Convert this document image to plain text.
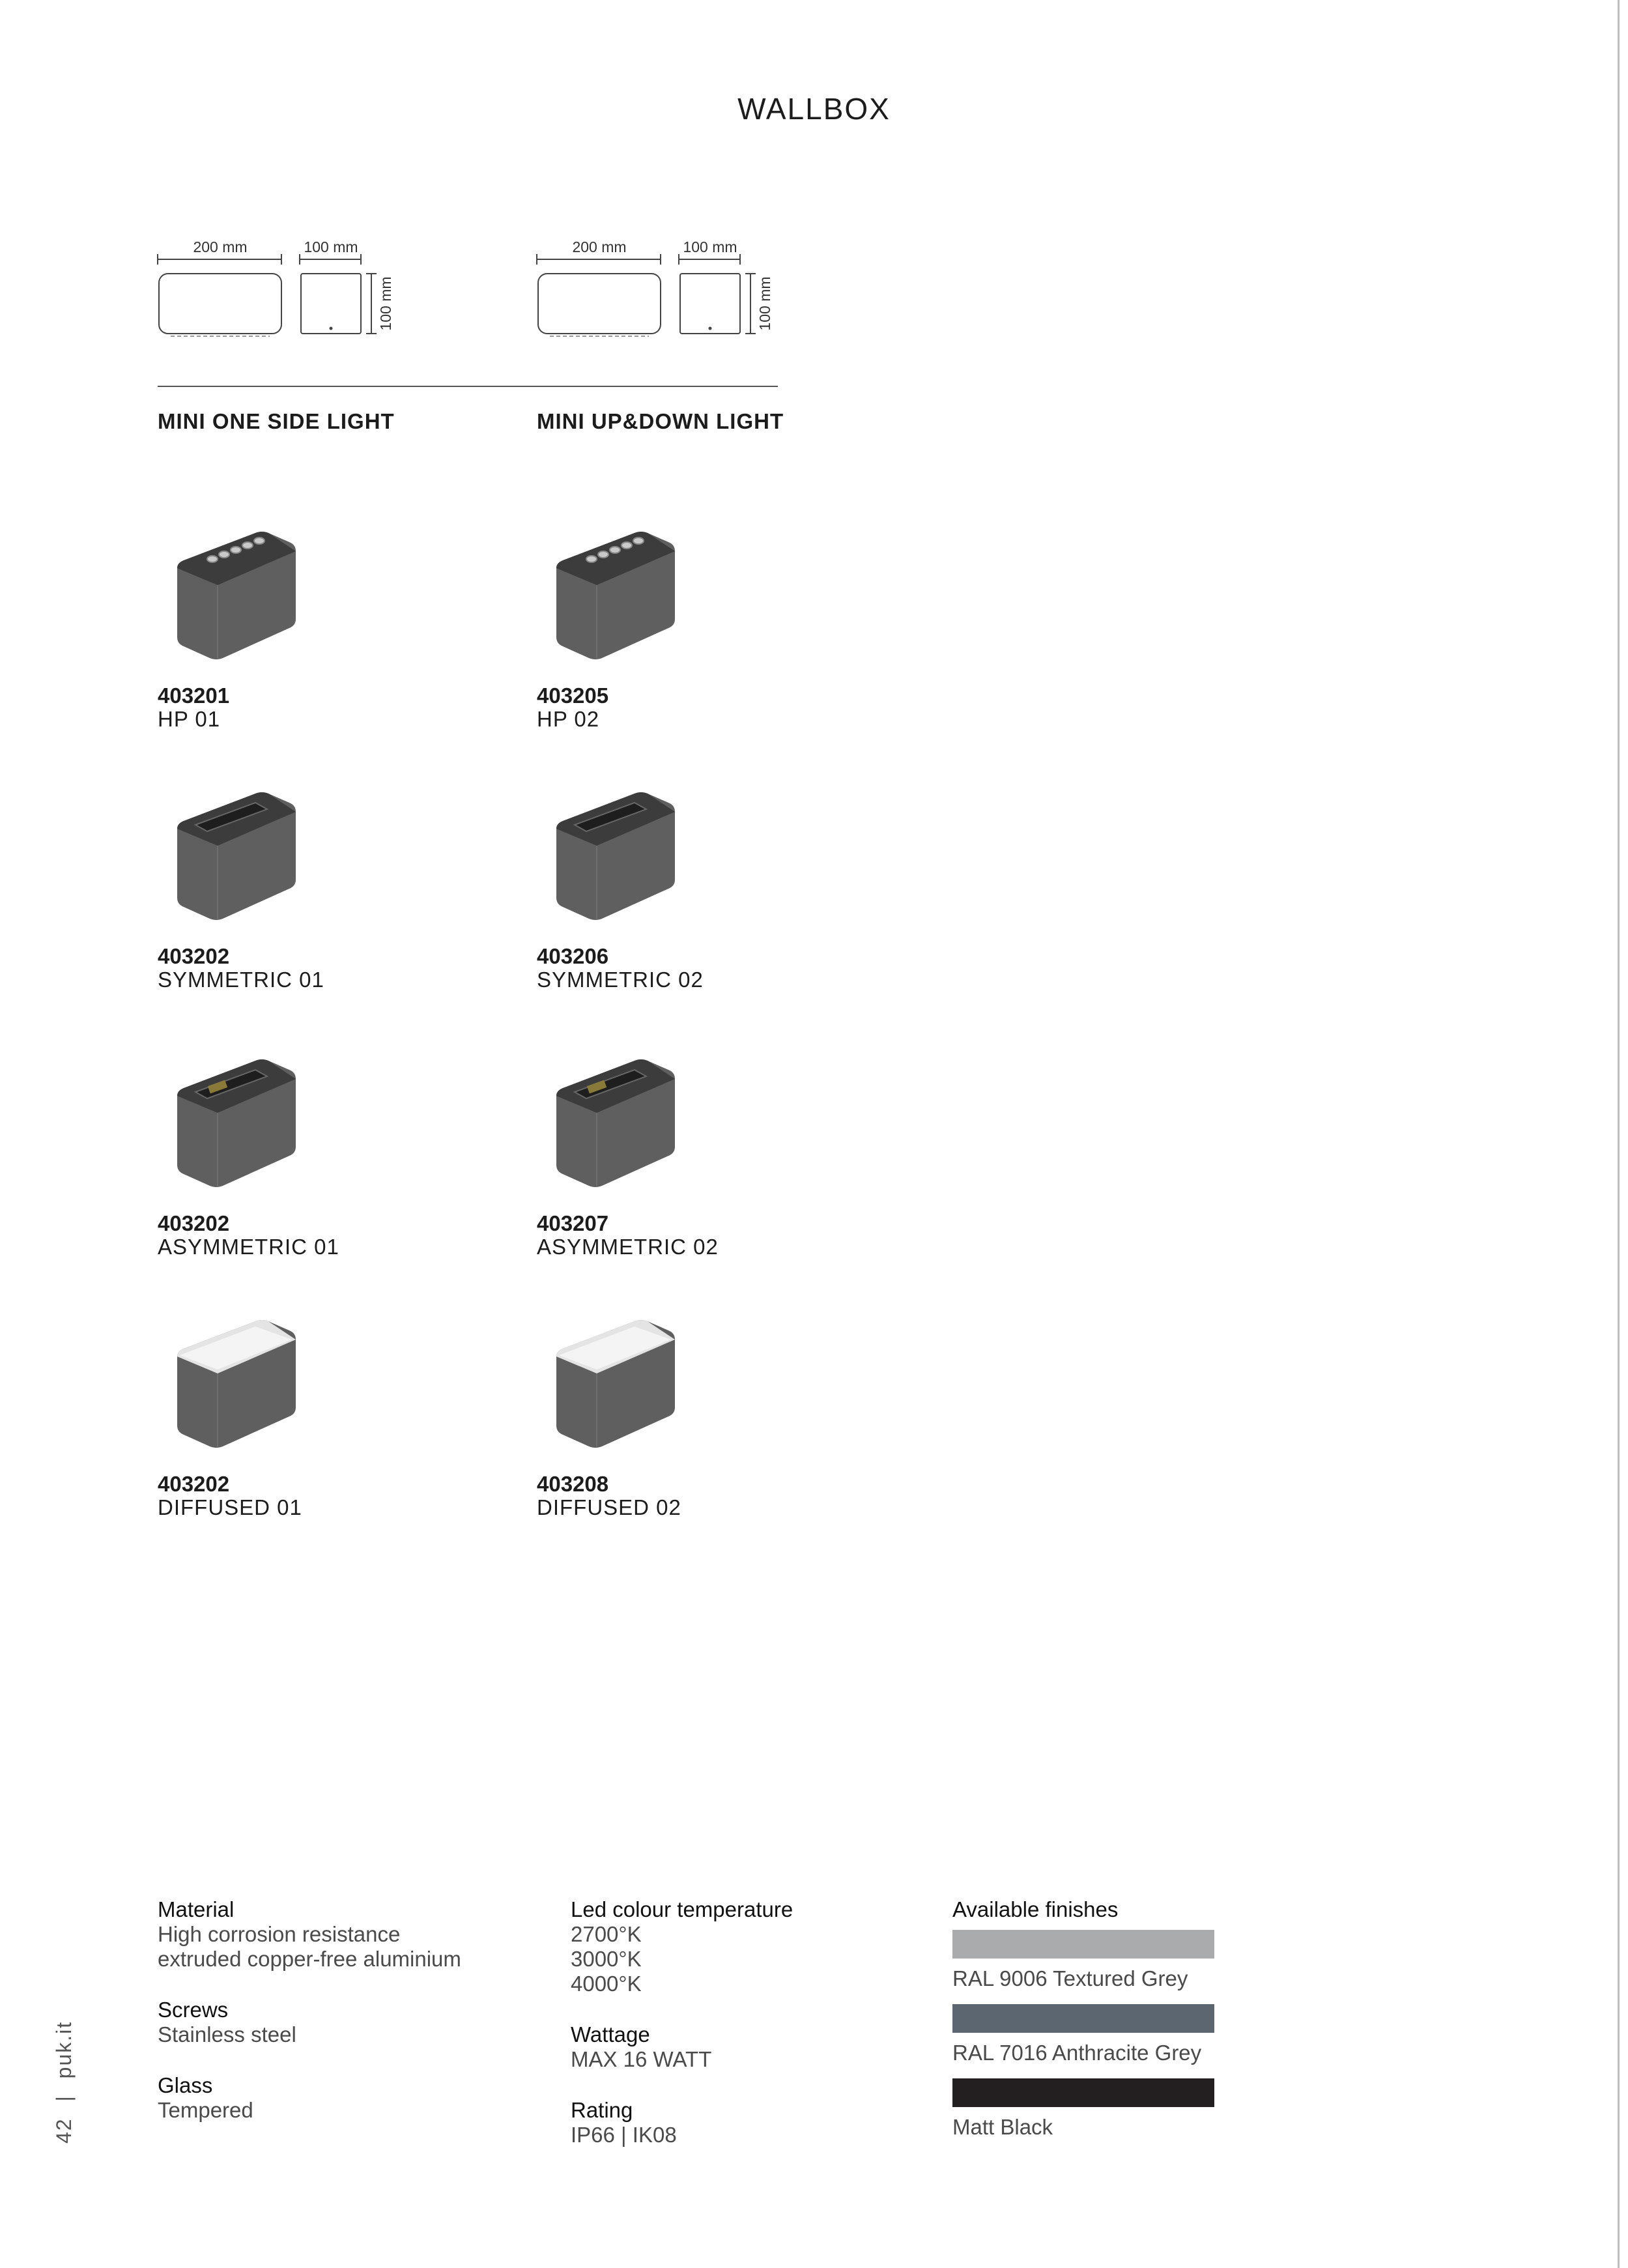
WALLBOX
200 mm	100 mm
100 mm
200 mm	100 mm
100 mm
MINI ONE SIDE LIGHT	MINI UP&DOWN LIGHT
403201
HP 01
403205
HP 02
403202
SYMMETRIC 01
403206
SYMMETRIC 02
403202
ASYMMETRIC 01
403207
ASYMMETRIC 02
403202
DIFFUSED 01
403208
DIFFUSED 02
Material
High corrosion resistance
extruded copper-free aluminium
Screws
Stainless steel
Glass
Tempered
Led colour temperature
2700°K
3000°K
4000°K
Wattage
MAX 16 WATT
Rating
IP66 | IK08
Available finishes
RAL 9006 Textured Grey
RAL 7016 Anthracite Grey
Matt Black
42 | puk.it
